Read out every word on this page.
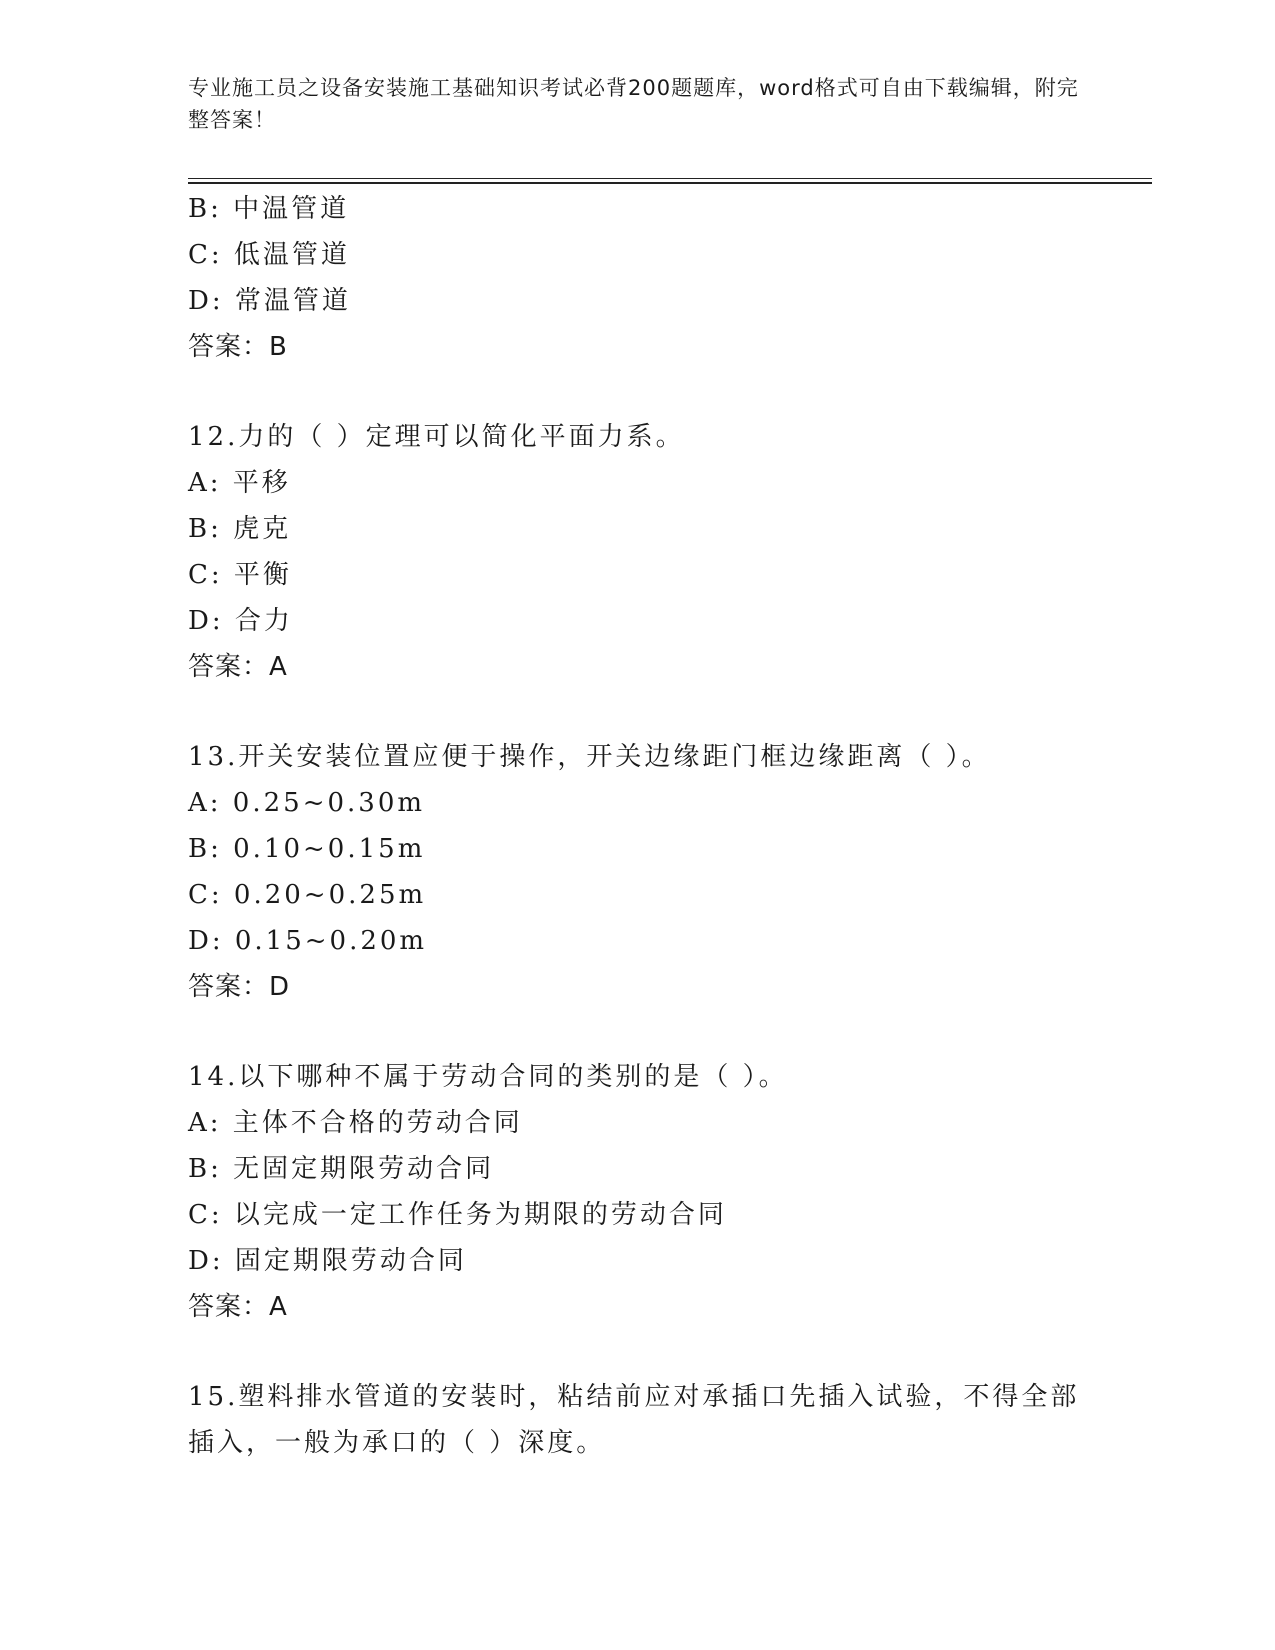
专业施工员之设备安装施工基础知识考试必背200题题库，word格式可自由下载编辑，附完整答案！
B: 中温管道
C: 低温管道
D: 常温管道
答案：B
12.力的（ ）定理可以简化平面力系。
A: 平移
B: 虎克
C: 平衡
D: 合力
答案：A
13.开关安装位置应便于操作，开关边缘距门框边缘距离（ ）。
A: 0.25~0.30m
B: 0.10~0.15m
C: 0.20~0.25m
D: 0.15~0.20m
答案：D
14.以下哪种不属于劳动合同的类别的是（ ）。
A: 主体不合格的劳动合同
B: 无固定期限劳动合同
C: 以完成一定工作任务为期限的劳动合同
D: 固定期限劳动合同
答案：A
15.塑料排水管道的安装时，粘结前应对承插口先插入试验，不得全部插入，一般为承口的（ ）深度。
